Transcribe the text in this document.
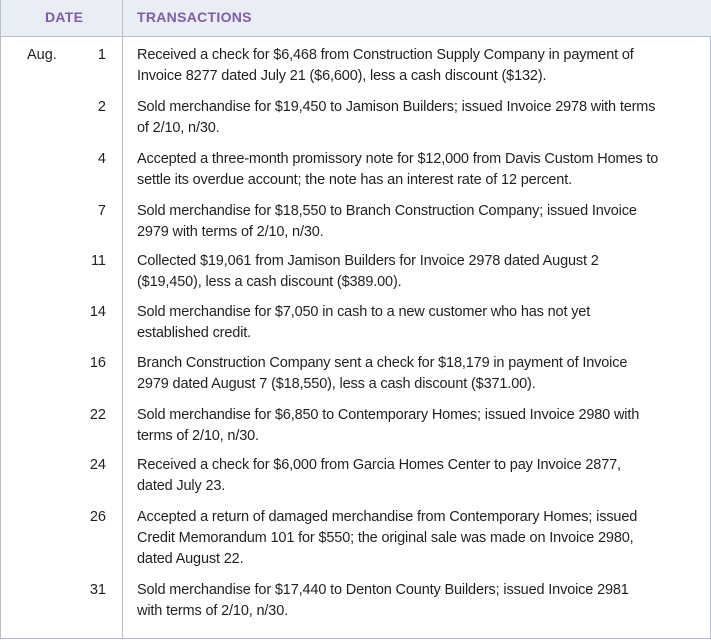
DATE	TRANSACTIONS
Aug.	1 Received a check for $6,468 from Construction Supply Company in payment of
Invoice 8277 dated July 21 ($6,600), less a cash discount ($132).
2 Sold merchandise for $19,450 to Jamison Builders; issued Invoice 2978 with terms
of 2/10, n/30.
4 Accepted a three-month promissory note for $12,000 from Davis Custom Homes to
settle its overdue account; the note has an interest rate of 12 percent.
7 Sold merchandise for $18,550 to Branch Construction Company; issued Invoice
2979 with terms of 2/10, n/30.
11 Collected $19,061 from Jamison Builders for Invoice 2978 dated August 2
($19,450), less a cash discount ($389.00).
14 Sold merchandise for $7,050 in cash to a new customer who has not yet
established credit.
16 Branch Construction Company sent a check for $18,179 in payment of Invoice
2979 dated August 7 ($18,550), less a cash discount ($371.00).
22 Sold merchandise for $6,850 to Contemporary Homes; issued Invoice 2980 with
terms of 2/10, n/30.
24 Received a check for $6,000 from Garcia Homes Center to pay Invoice 2877,
dated July 23.
26 Accepted a return of damaged merchandise from Contemporary Homes; issued
Credit Memorandum 101 for $550; the original sale was made on Invoice 2980,
dated August 22.
31 Sold merchandise for $17,440 to Denton County Builders; issued Invoice 2981
with terms of 2/10, n/30.
